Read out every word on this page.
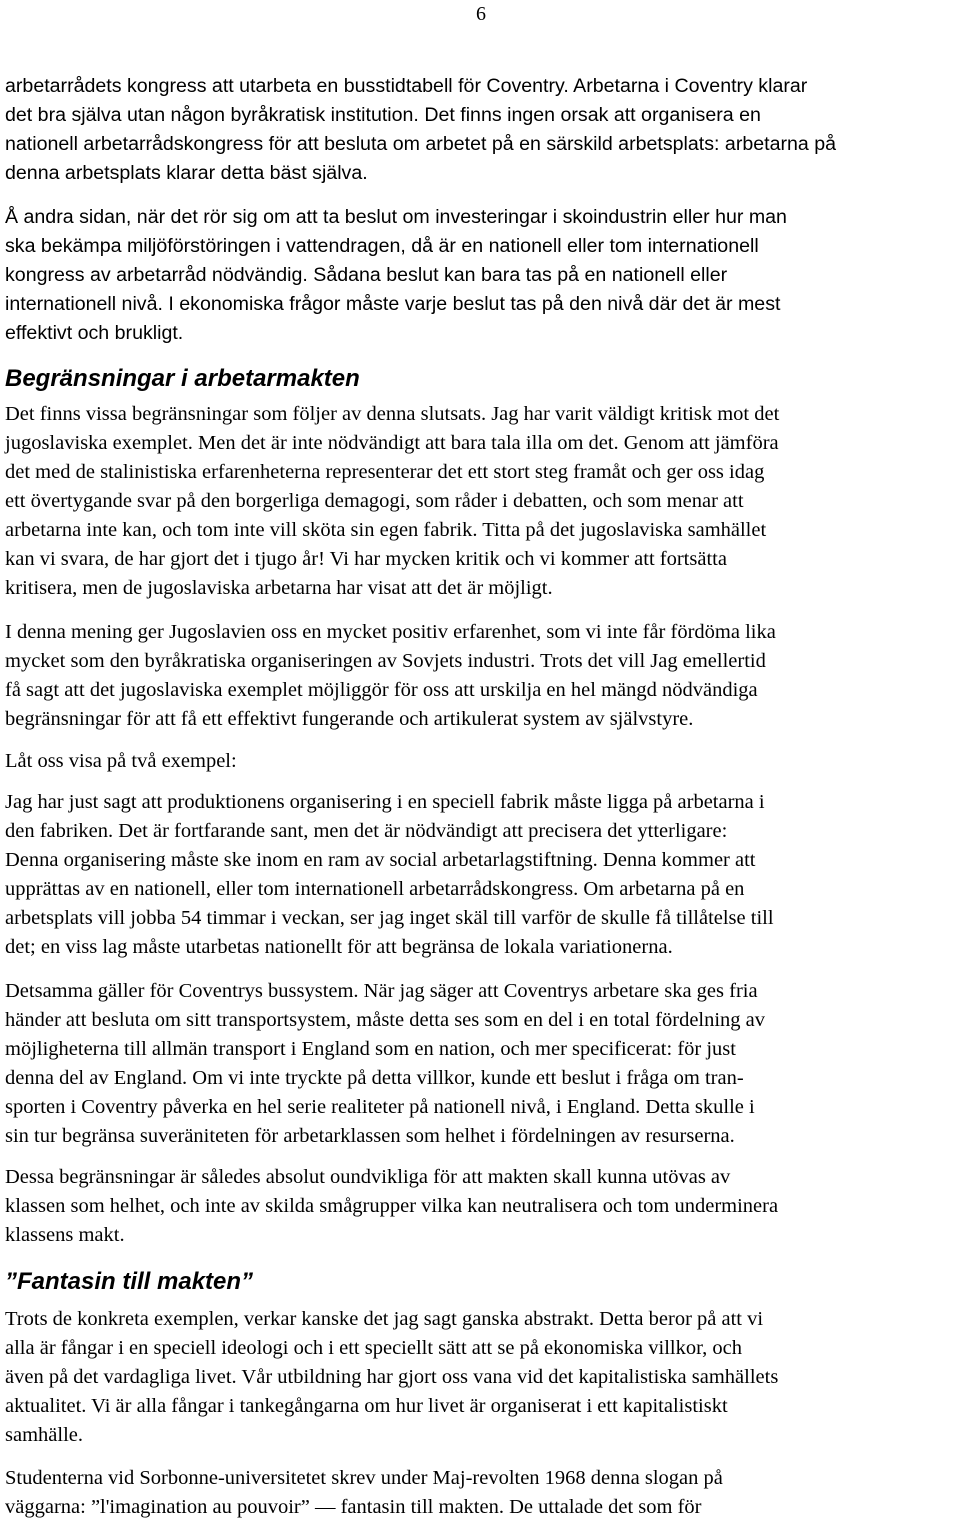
6

arbetarrådets kongress att utarbeta en busstidtabell för Coventry. Arbetarna i Coventry klarar
det bra själva utan någon byråkratisk institution. Det finns ingen orsak att organisera en
nationell arbetarrådskongress för att besluta om arbetet på en särskild arbetsplats: arbetarna på
denna arbetsplats klarar detta bäst själva.

Å andra sidan, när det rör sig om att ta beslut om investeringar i skoindustrin eller hur man
ska bekämpa miljöförstöringen i vattendragen, då är en nationell eller tom internationell
kongress av arbetarråd nödvändig. Sådana beslut kan bara tas på en nationell eller
internationell nivå. I ekonomiska frågor måste varje beslut tas på den nivå där det är mest
effektivt och brukligt.

Begränsningar i arbetarmakten

Det finns vissa begränsningar som följer av denna slutsats. Jag har varit väldigt kritisk mot det
jugoslaviska exemplet. Men det är inte nödvändigt att bara tala illa om det. Genom att jämföra
det med de stalinistiska erfarenheterna representerar det ett stort steg framåt och ger oss idag
ett övertygande svar på den borgerliga demagogi, som råder i debatten, och som menar att
arbetarna inte kan, och tom inte vill sköta sin egen fabrik. Titta på det jugoslaviska samhället
kan vi svara, de har gjort det i tjugo år! Vi har mycken kritik och vi kommer att fortsätta
kritisera, men de jugoslaviska arbetarna har visat att det är möjligt.

I denna mening ger Jugoslavien oss en mycket positiv erfarenhet, som vi inte får fördöma lika
mycket som den byråkratiska organiseringen av Sovjets industri. Trots det vill Jag emellertid
få sagt att det jugoslaviska exemplet möjliggör för oss att urskilja en hel mängd nödvändiga
begränsningar för att få ett effektivt fungerande och artikulerat system av självstyre.

Låt oss visa på två exempel:

Jag har just sagt att produktionens organisering i en speciell fabrik måste ligga på arbetarna i
den fabriken. Det är fortfarande sant, men det är nödvändigt att precisera det ytterligare:
Denna organisering måste ske inom en ram av social arbetarlagstiftning. Denna kommer att
upprättas av en nationell, eller tom internationell arbetarrådskongress. Om arbetarna på en
arbetsplats vill jobba 54 timmar i veckan, ser jag inget skäl till varför de skulle få tillåtelse till
det; en viss lag måste utarbetas nationellt för att begränsa de lokala variationerna.

Detsamma gäller för Coventrys bussystem. När jag säger att Coventrys arbetare ska ges fria
händer att besluta om sitt transportsystem, måste detta ses som en del i en total fördelning av
möjligheterna till allmän transport i England som en nation, och mer specificerat: för just
denna del av England. Om vi inte tryckte på detta villkor, kunde ett beslut i fråga om tran-
sporten i Coventry påverka en hel serie realiteter på nationell nivå, i England. Detta skulle i
sin tur begränsa suveräniteten för arbetarklassen som helhet i fördelningen av resurserna.

Dessa begränsningar är således absolut oundvikliga för att makten skall kunna utövas av
klassen som helhet, och inte av skilda smågrupper vilka kan neutralisera och tom underminera
klassens makt.

”Fantasin till makten”

Trots de konkreta exemplen, verkar kanske det jag sagt ganska abstrakt. Detta beror på att vi
alla är fångar i en speciell ideologi och i ett speciellt sätt att se på ekonomiska villkor, och
även på det vardagliga livet. Vår utbildning har gjort oss vana vid det kapitalistiska samhällets
aktualitet. Vi är alla fångar i tankegångarna om hur livet är organiserat i ett kapitalistiskt
samhälle.

Studenterna vid Sorbonne-universitetet skrev under Maj-revolten 1968 denna slogan på
väggarna: ”l'imagination au pouvoir” — fantasin till makten. De uttalade det som för
